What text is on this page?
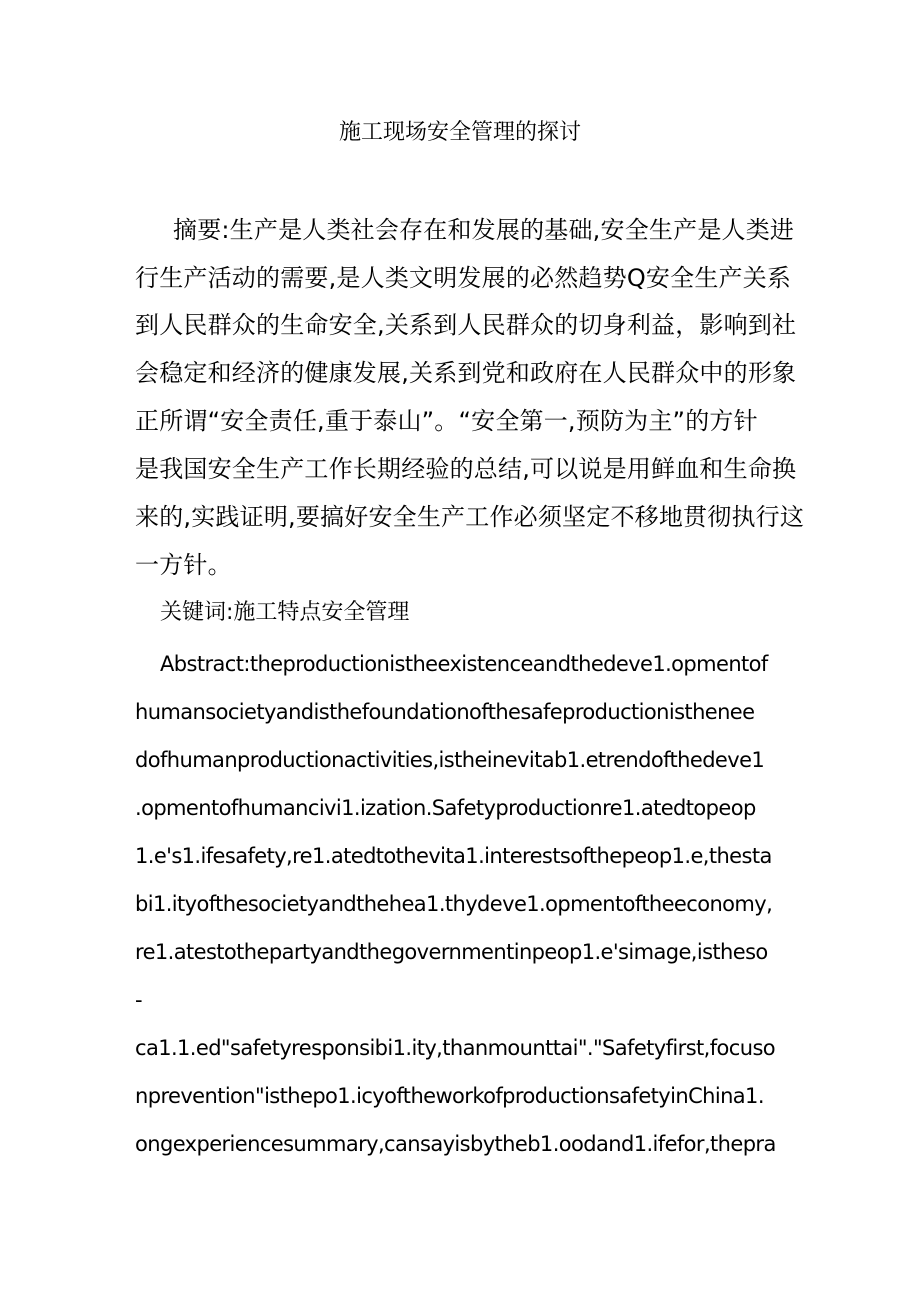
施工现场安全管理的探讨
摘要:生产是人类社会存在和发展的基础,安全生产是人类进
行生产活动的需要,是人类文明发展的必然趋势Q安全生产关系
到人民群众的生命安全,关系到人民群众的切身利益，影响到社
会稳定和经济的健康发展,关系到党和政府在人民群众中的形象
正所谓“安全责任,重于泰山”。“安全第一,预防为主”的方针
是我国安全生产工作长期经验的总结,可以说是用鲜血和生命换
来的,实践证明,要搞好安全生产工作必须坚定不移地贯彻执行这
一方针。
关键词:施工特点安全管理
Abstract:theproductionistheexistenceandthedeve1.opmentof
humansocietyandisthefoundationofthesafeproductionistheneе
dofhumanproductionactivities,istheinevitab1.etrendofthedeve1
.opmentofhumancivi1.ization.Safetyproductionre1.atedtopeop
1.e's1.ifesafety,re1.atedtothevita1.interestsofthepeop1.e,thesta
bi1.ityofthesocietyandthehea1.thydeve1.opmentoftheeconomy,
re1.atestothepartyandthegovernmentinpeop1.e'simage,istheso
-
ca1.1.ed"safetyresponsibi1.ity,thanmounttai"."Safetyfirst,focuso
nprevention"isthepo1.icyoftheworkofproductionsafetyinChina1.
ongexperiencesummary,cansayisbytheb1.oodand1.ifefor,thepra
